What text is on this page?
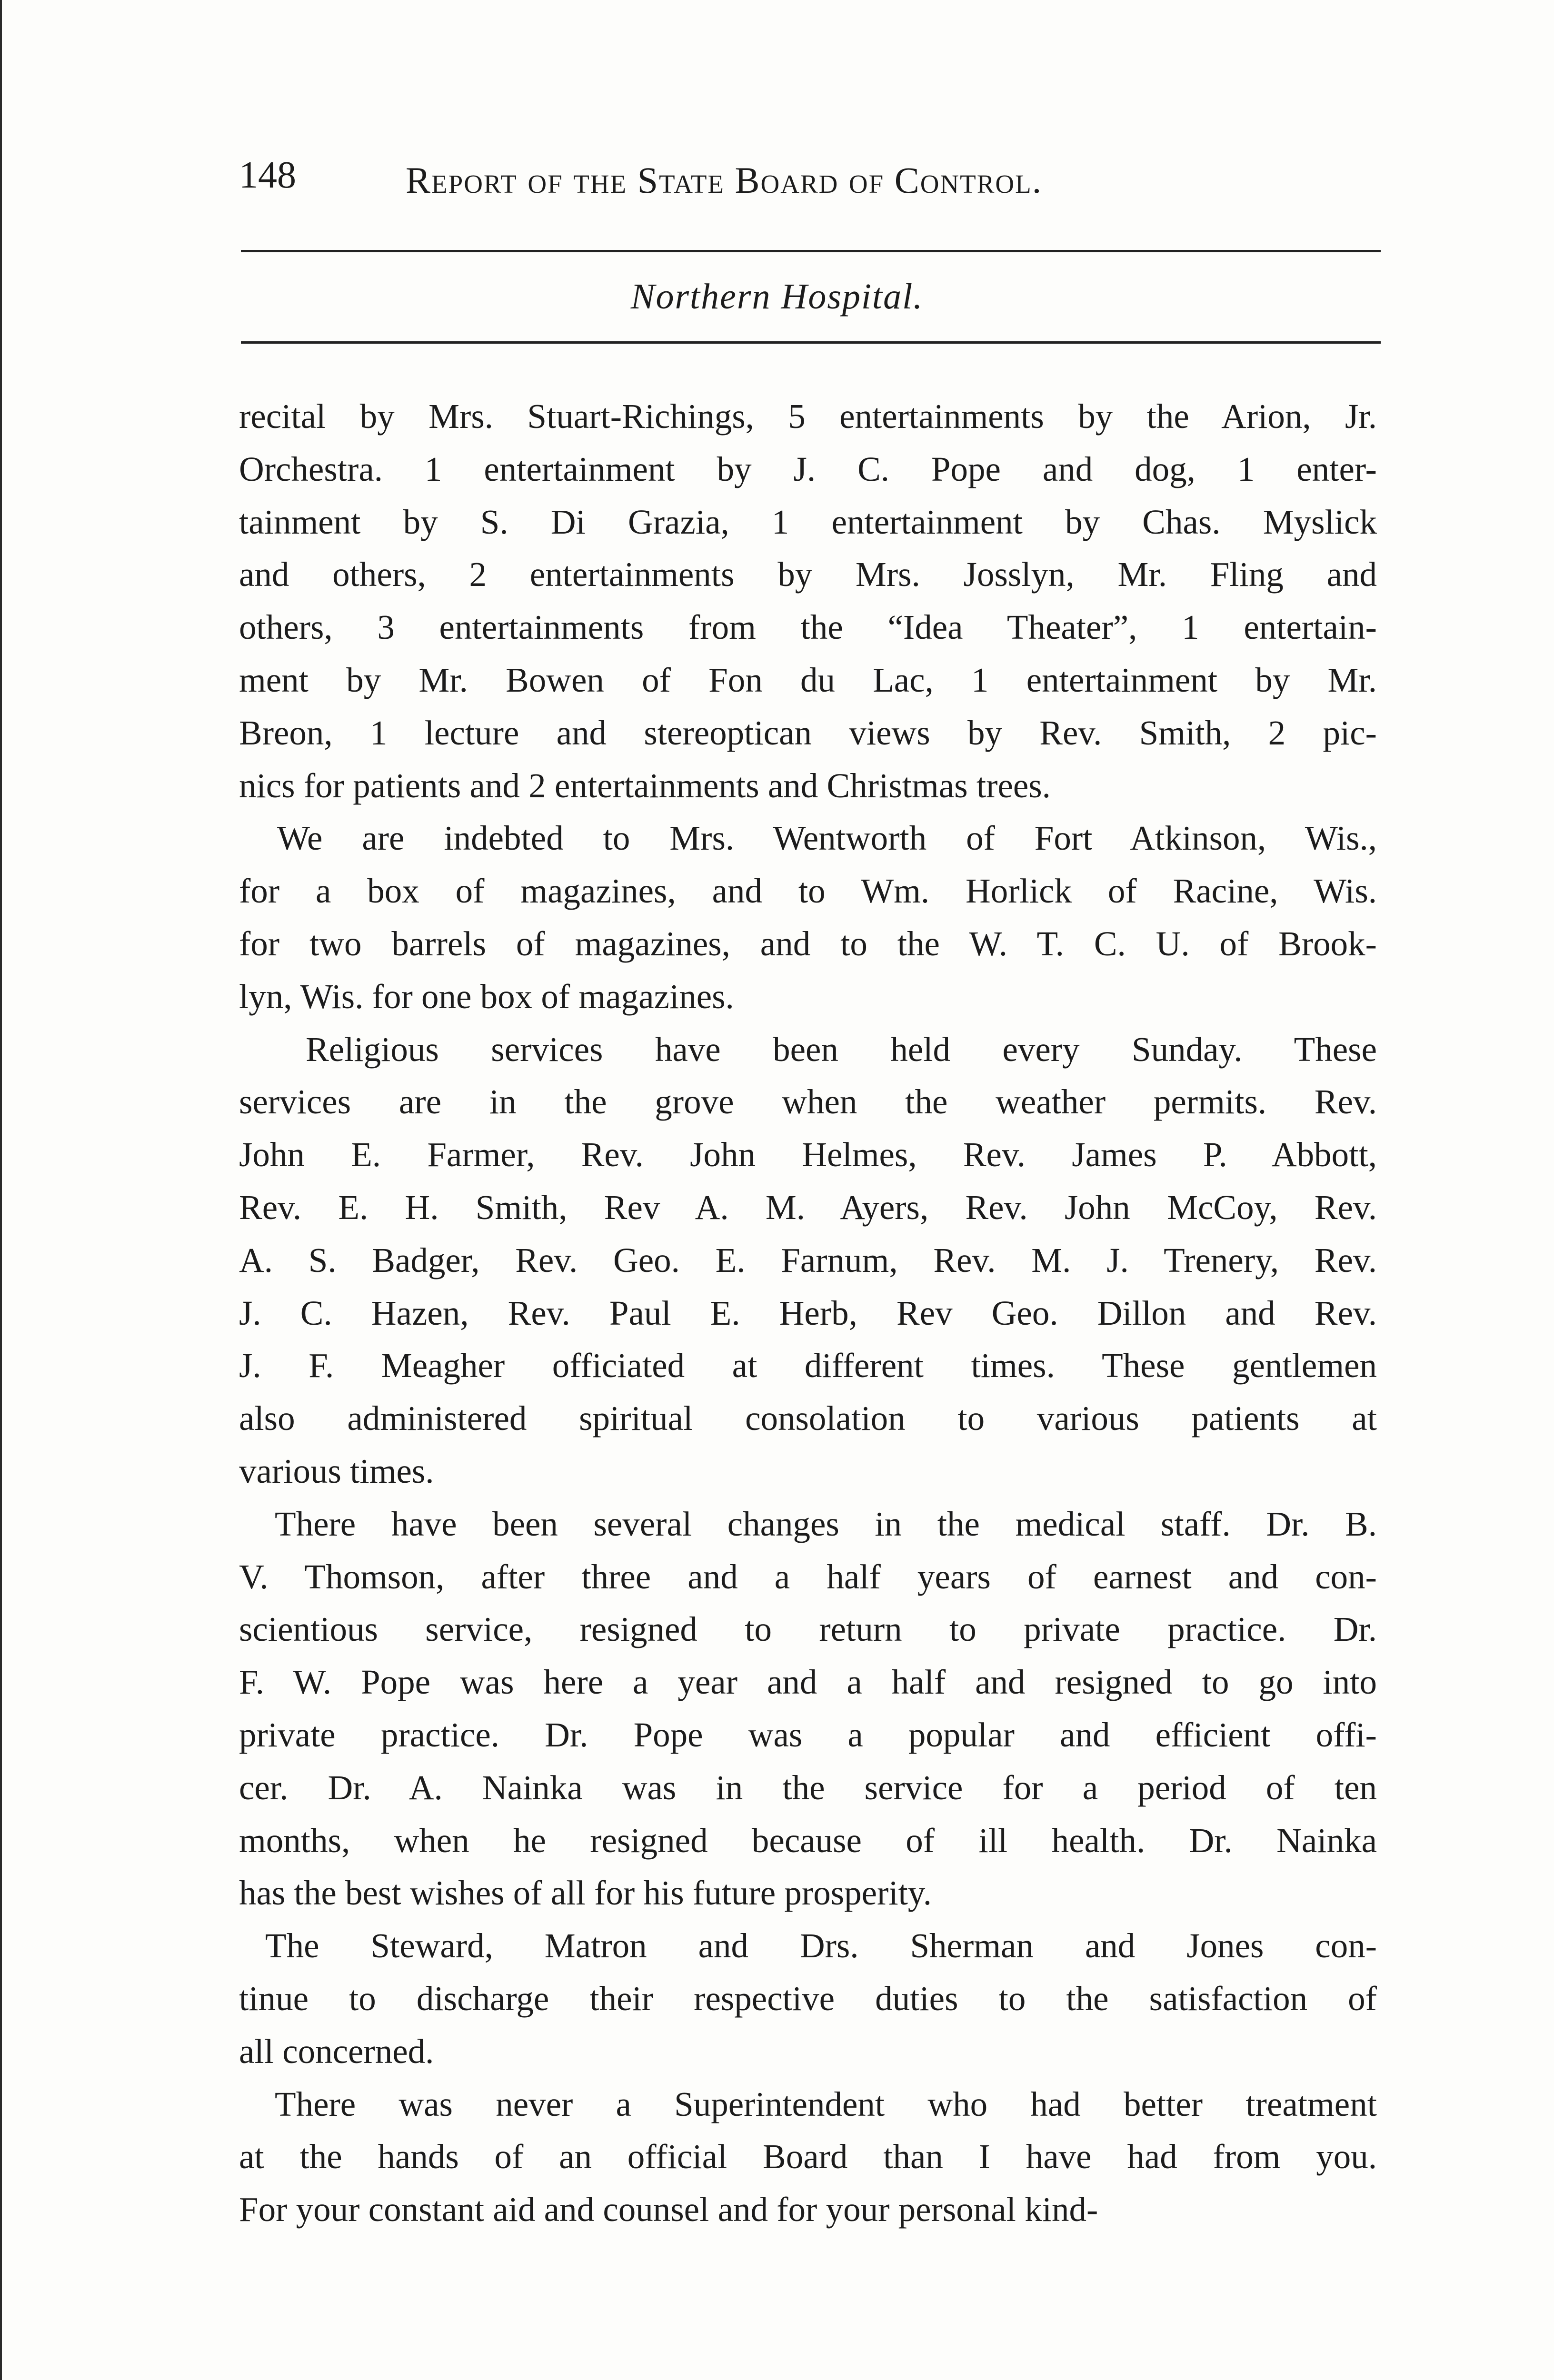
148	Report of the State Board of Control.
Northern Hospital.
recital by Mrs. Stuart-Richings, 5 entertainments by the Arion, Jr.
Orchestra. 1 entertainment by J. C. Pope and dog, 1 enter-
tainment by S. Di Grazia, 1 entertainment by Chas. Myslick
and others, 2 entertainments by Mrs. Josslyn, Mr. Fling and
others, 3 entertainments from the “Idea Theater”, 1 entertain-
ment by Mr. Bowen of Fon du Lac, 1 entertainment by Mr.
Breon, 1 lecture and stereoptican views by Rev. Smith, 2 pic-
nics for patients and 2 entertainments and Christmas trees.
We are indebted to Mrs. Wentworth of Fort Atkinson, Wis.,
for a box of magazines, and to Wm. Horlick of Racine, Wis.
for two barrels of magazines, and to the W. T. C. U. of Brook-
lyn, Wis. for one box of magazines.
Religious services have been held every Sunday. These
services are in the grove when the weather permits. Rev.
John E. Farmer, Rev. John Helmes, Rev. James P. Abbott,
Rev. E. H. Smith, Rev A. M. Ayers, Rev. John McCoy, Rev.
A. S. Badger, Rev. Geo. E. Farnum, Rev. M. J. Trenery, Rev.
J. C. Hazen, Rev. Paul E. Herb, Rev Geo. Dillon and Rev.
J. F. Meagher officiated at different times. These gentlemen
also administered spiritual consolation to various patients at
various times.
There have been several changes in the medical staff. Dr. B.
V. Thomson, after three and a half years of earnest and con-
scientious service, resigned to return to private practice. Dr.
F. W. Pope was here a year and a half and resigned to go into
private practice. Dr. Pope was a popular and efficient offi-
cer. Dr. A. Nainka was in the service for a period of ten
months, when he resigned because of ill health. Dr. Nainka
has the best wishes of all for his future prosperity.
The Steward, Matron and Drs. Sherman and Jones con-
tinue to discharge their respective duties to the satisfaction of
all concerned.
There was never a Superintendent who had better treatment
at the hands of an official Board than I have had from you.
For your constant aid and counsel and for your personal kind-
